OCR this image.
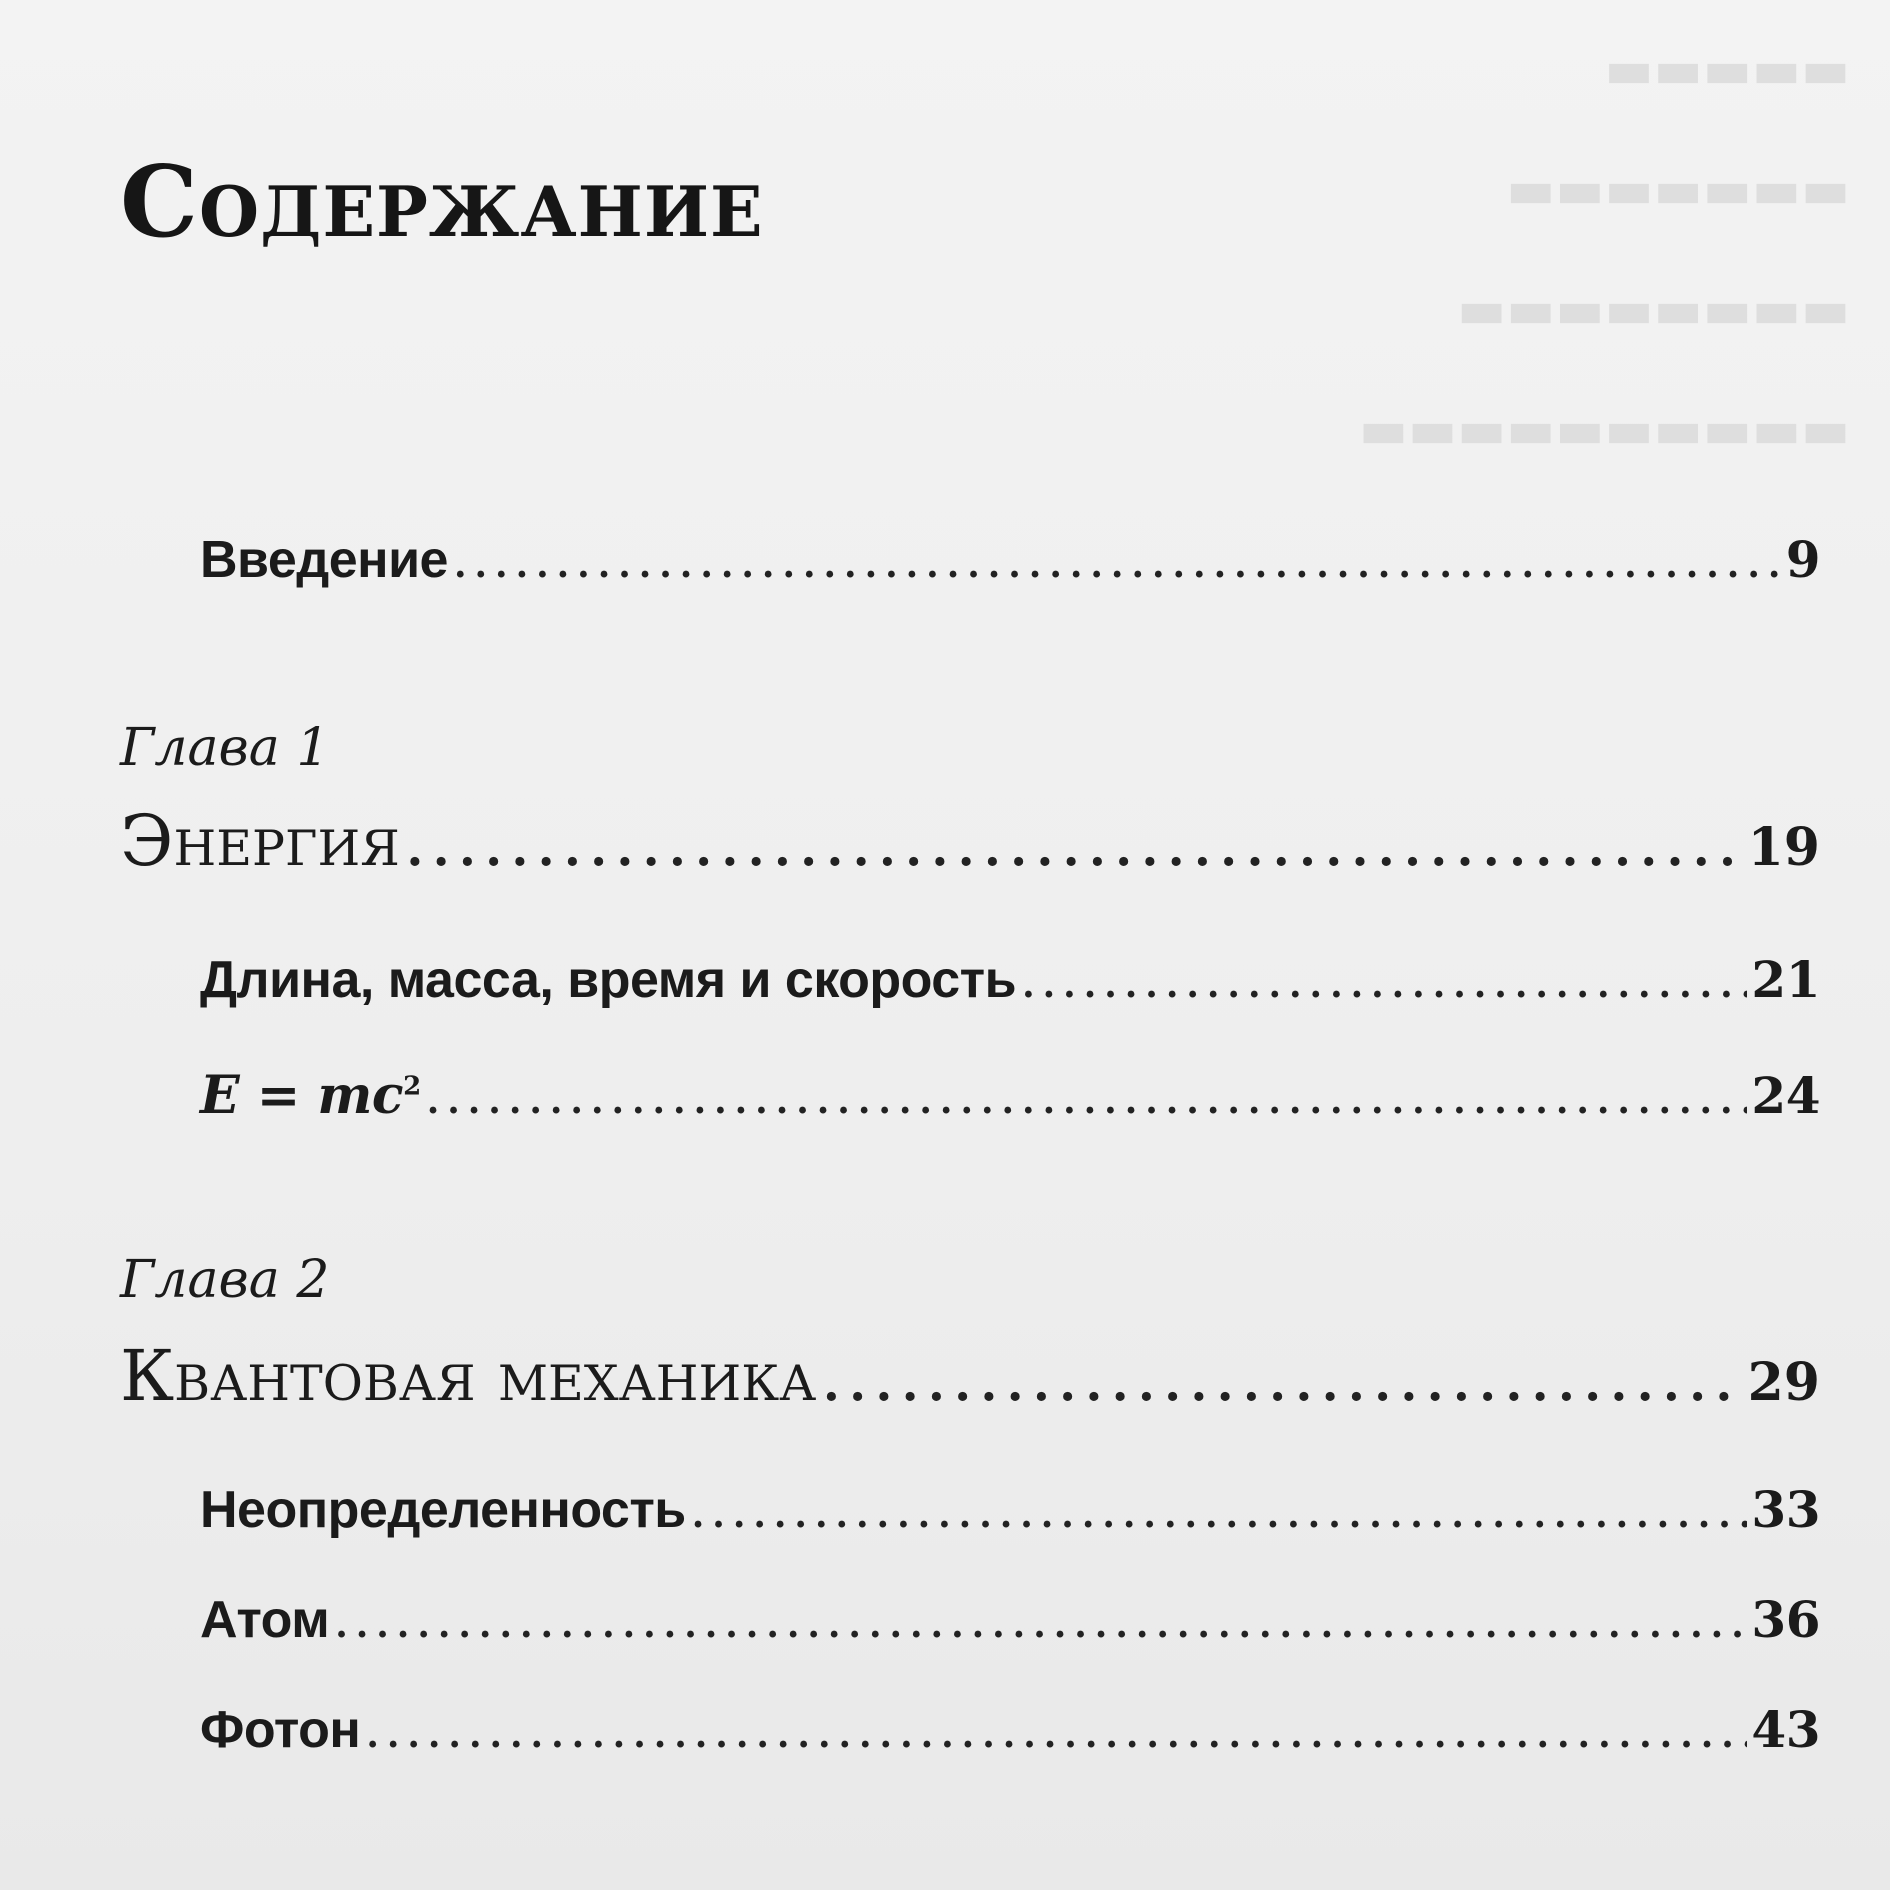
▬▬▬▬▬
▬▬▬▬▬▬▬
▬▬▬▬▬▬▬▬
▬▬▬▬▬▬▬▬▬▬
Содержание
Введение .....	9
Глава 1
Энергия .....	19
Длина, масса, время и скорость .....	21
$E = mc^2$ .....	24
Глава 2
Квантовая механика .....	29
Неопределенность .....	33
Атом .....	36
Фотон .....	43
